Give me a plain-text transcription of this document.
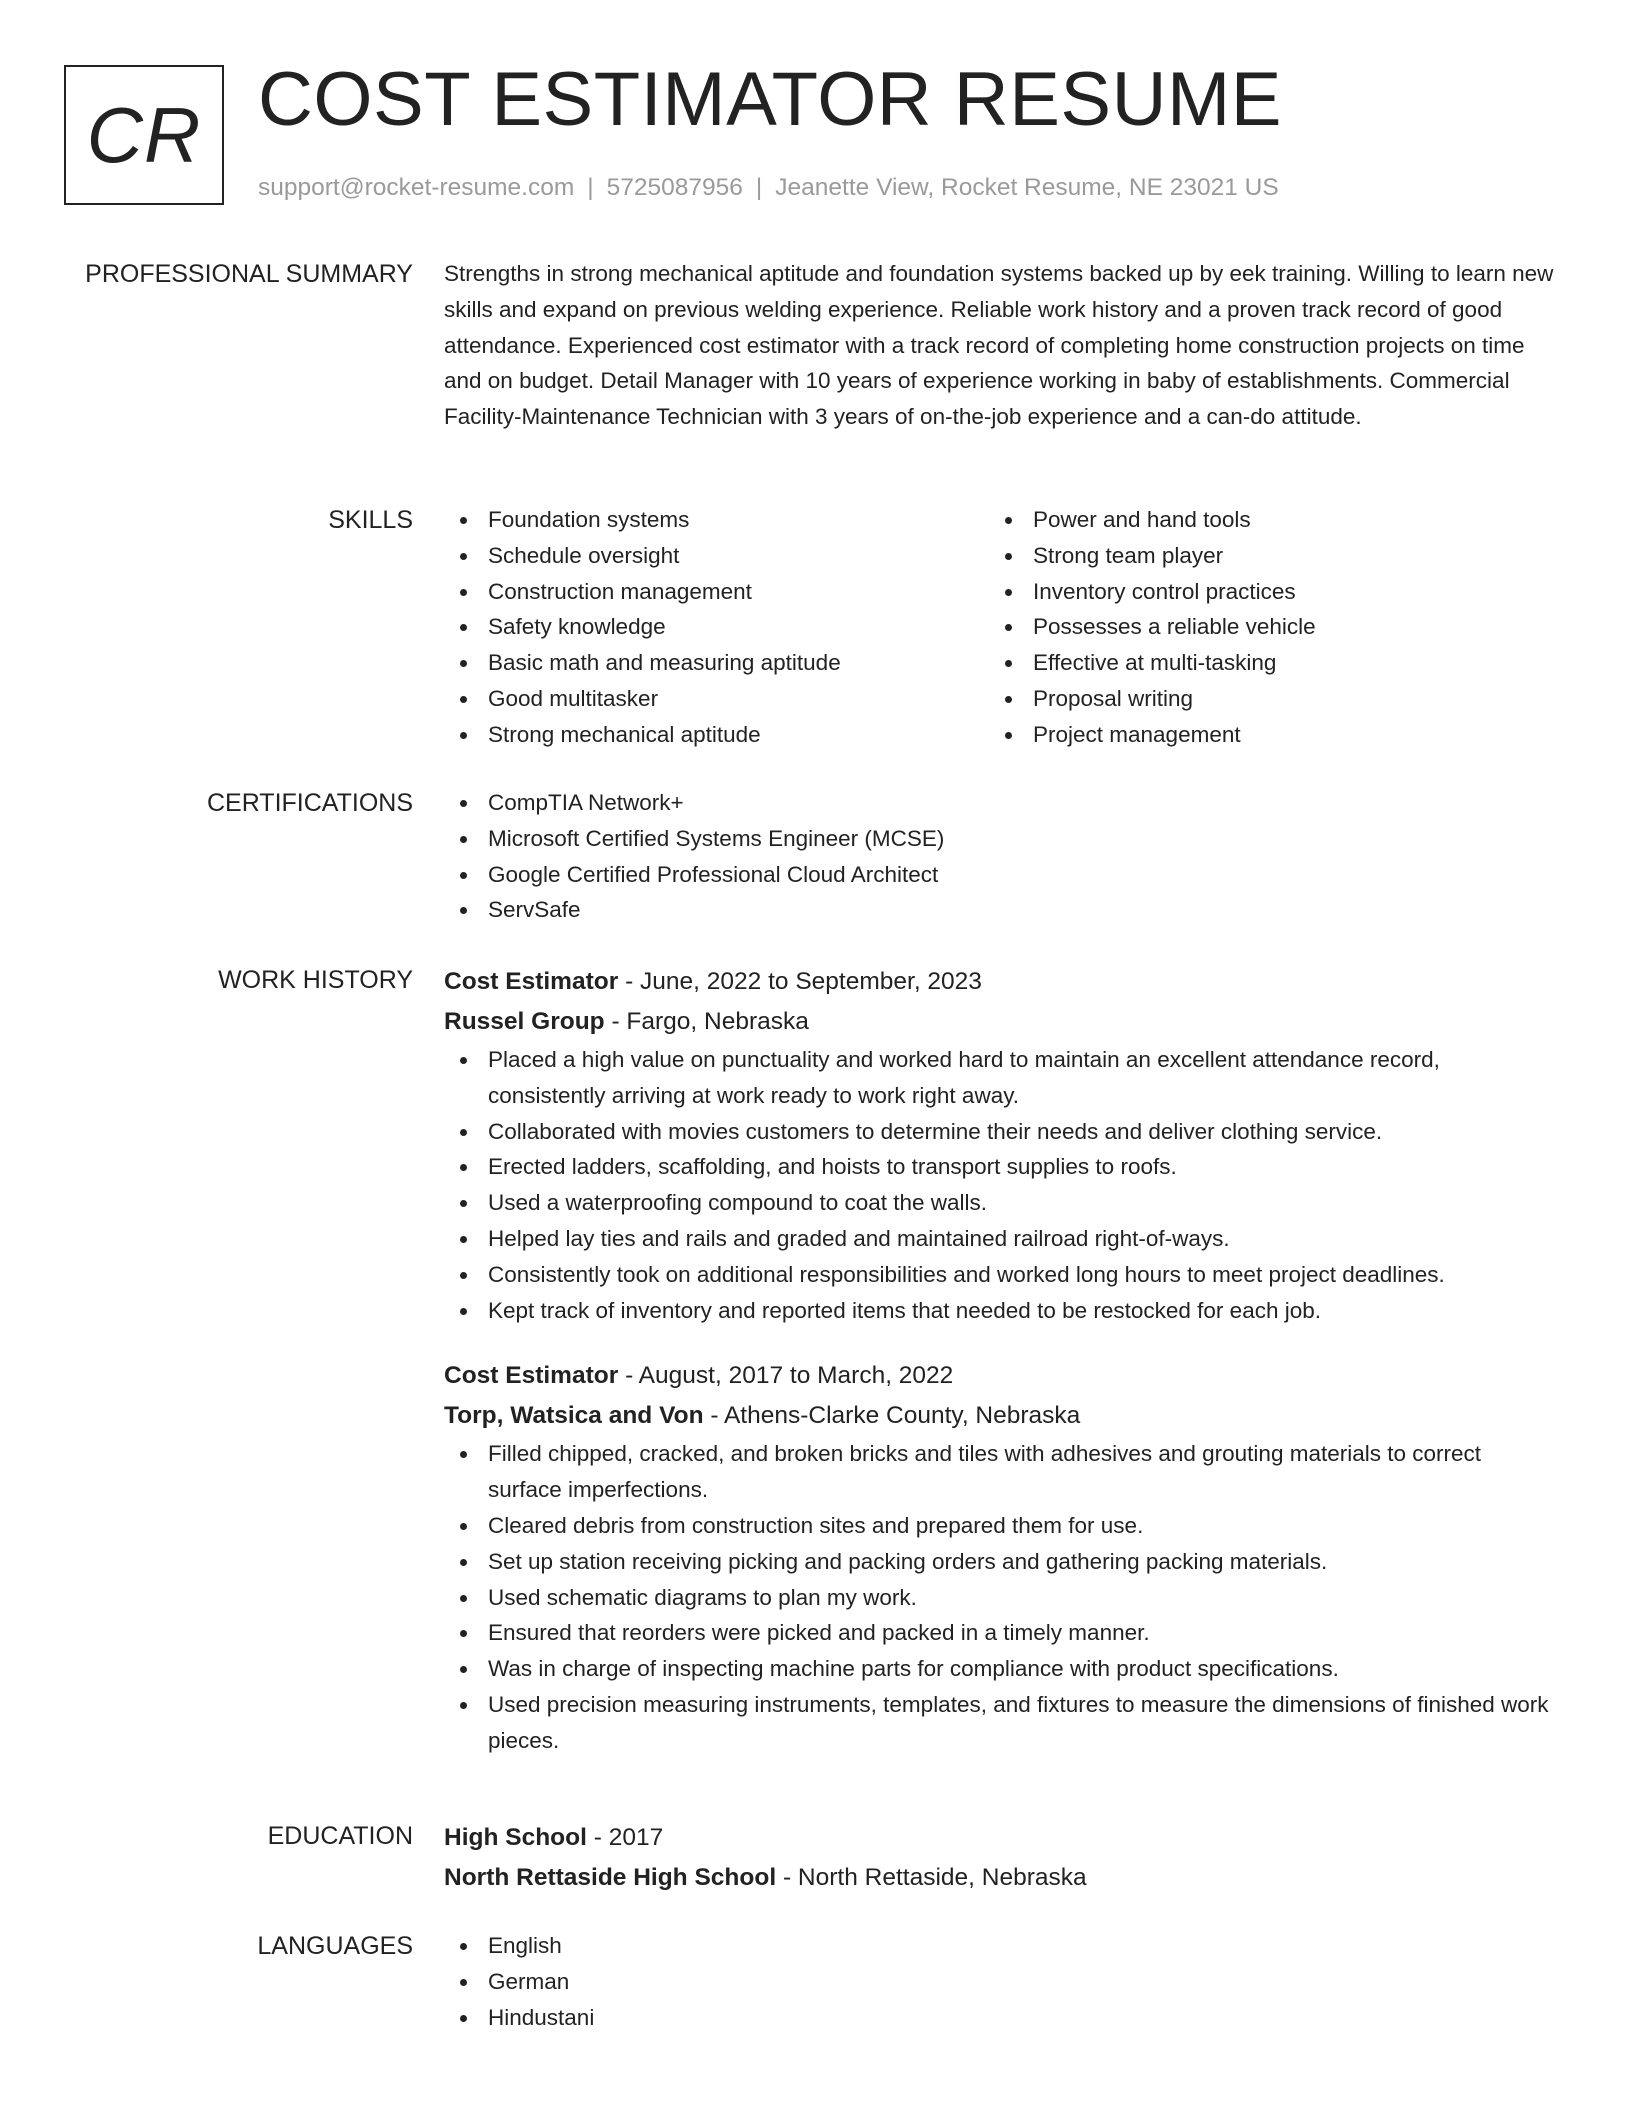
CR COST ESTIMATOR RESUME
support@rocket-resume.com | 5725087956 | Jeanette View, Rocket Resume, NE 23021 US
PROFESSIONAL SUMMARY Strengths in strong mechanical aptitude and foundation systems backed up by eek training. Willing to learn new skills and expand on previous welding experience. Reliable work history and a proven track record of good attendance. Experienced cost estimator with a track record of completing home construction projects on time and on budget. Detail Manager with 10 years of experience working in baby of establishments. Commercial Facility-Maintenance Technician with 3 years of on-the-job experience and a can-do attitude.

SKILLS	Foundation systems
Schedule oversight
Construction management
Safety knowledge
Basic math and measuring aptitude
Good multitasker
Strong mechanical aptitude
Power and hand tools
Strong team player
Inventory control practices
Possesses a reliable vehicle
Effective at multi-tasking
Proposal writing
Project management
CERTIFICATIONS	CompTIA Network+
Microsoft Certified Systems Engineer (MCSE)
Google Certified Professional Cloud Architect
ServSafe
WORK HISTORY Cost Estimator - June, 2022 to September, 2023
Russel Group - Fargo, Nebraska
Placed a high value on punctuality and worked hard to maintain an excellent attendance record, consistently arriving at work ready to work right away.
Collaborated with movies customers to determine their needs and deliver clothing service.
Erected ladders, scaffolding, and hoists to transport supplies to roofs.
Used a waterproofing compound to coat the walls.
Helped lay ties and rails and graded and maintained railroad right-of-ways.
Consistently took on additional responsibilities and worked long hours to meet project deadlines.
Kept track of inventory and reported items that needed to be restocked for each job.
Cost Estimator - August, 2017 to March, 2022
Torp, Watsica and Von - Athens-Clarke County, Nebraska
Filled chipped, cracked, and broken bricks and tiles with adhesives and grouting materials to correct surface imperfections.
Cleared debris from construction sites and prepared them for use.
Set up station receiving picking and packing orders and gathering packing materials.
Used schematic diagrams to plan my work.
Ensured that reorders were picked and packed in a timely manner.
Was in charge of inspecting machine parts for compliance with product specifications.
Used precision measuring instruments, templates, and fixtures to measure the dimensions of finished work pieces.
EDUCATION High School - 2017
North Rettaside High School - North Rettaside, Nebraska
LANGUAGES	English
German
Hindustani
